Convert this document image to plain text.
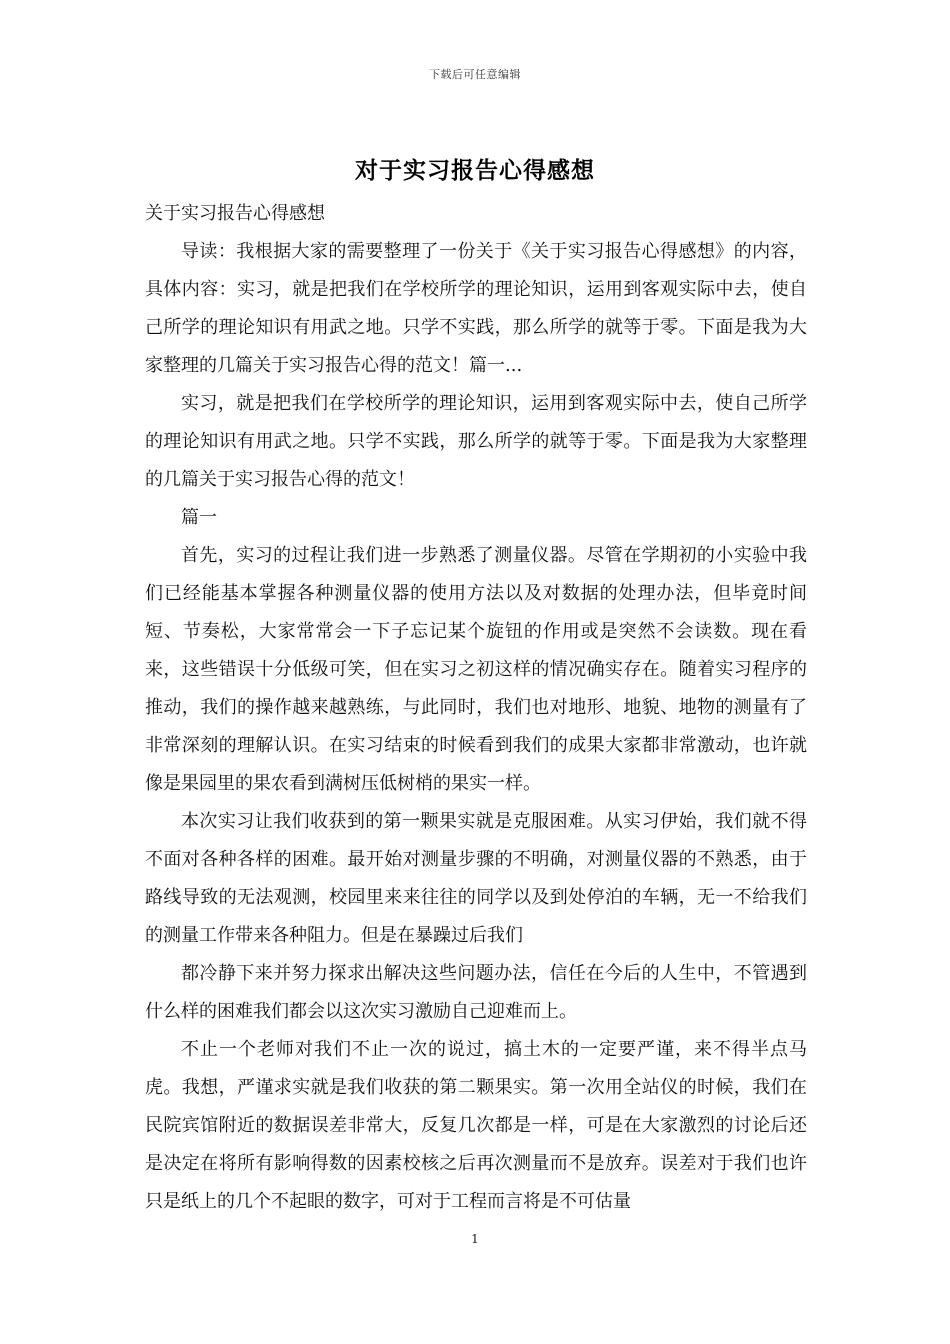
下载后可任意编辑
对于实习报告心得感想

关于实习报告心得感想

导读：我根据大家的需要整理了一份关于《关于实习报告心得感想》的内容，具体内容：实习，就是把我们在学校所学的理论知识，运用到客观实际中去，使自己所学的理论知识有用武之地。只学不实践，那么所学的就等于零。下面是我为大家整理的几篇关于实习报告心得的范文！篇一...

实习，就是把我们在学校所学的理论知识，运用到客观实际中去，使自己所学的理论知识有用武之地。只学不实践，那么所学的就等于零。下面是我为大家整理的几篇关于实习报告心得的范文！

篇一

首先，实习的过程让我们进一步熟悉了测量仪器。尽管在学期初的小实验中我们已经能基本掌握各种测量仪器的使用方法以及对数据的处理办法，但毕竟时间短、节奏松，大家常常会一下子忘记某个旋钮的作用或是突然不会读数。现在看来，这些错误十分低级可笑，但在实习之初这样的情况确实存在。随着实习程序的推动，我们的操作越来越熟练，与此同时，我们也对地形、地貌、地物的测量有了非常深刻的理解认识。在实习结束的时候看到我们的成果大家都非常激动，也许就像是果园里的果农看到满树压低树梢的果实一样。

本次实习让我们收获到的第一颗果实就是克服困难。从实习伊始，我们就不得不面对各种各样的困难。最开始对测量步骤的不明确，对测量仪器的不熟悉，由于路线导致的无法观测，校园里来来往往的同学以及到处停泊的车辆，无一不给我们的测量工作带来各种阻力。但是在暴躁过后我们

都冷静下来并努力探求出解决这些问题办法，信任在今后的人生中，不管遇到什么样的困难我们都会以这次实习激励自己迎难而上。

不止一个老师对我们不止一次的说过，搞土木的一定要严谨，来不得半点马虎。我想，严谨求实就是我们收获的第二颗果实。第一次用全站仪的时候，我们在民院宾馆附近的数据误差非常大，反复几次都是一样，可是在大家激烈的讨论后还是决定在将所有影响得数的因素校核之后再次测量而不是放弃。误差对于我们也许只是纸上的几个不起眼的数字，可对于工程而言将是不可估量

1
